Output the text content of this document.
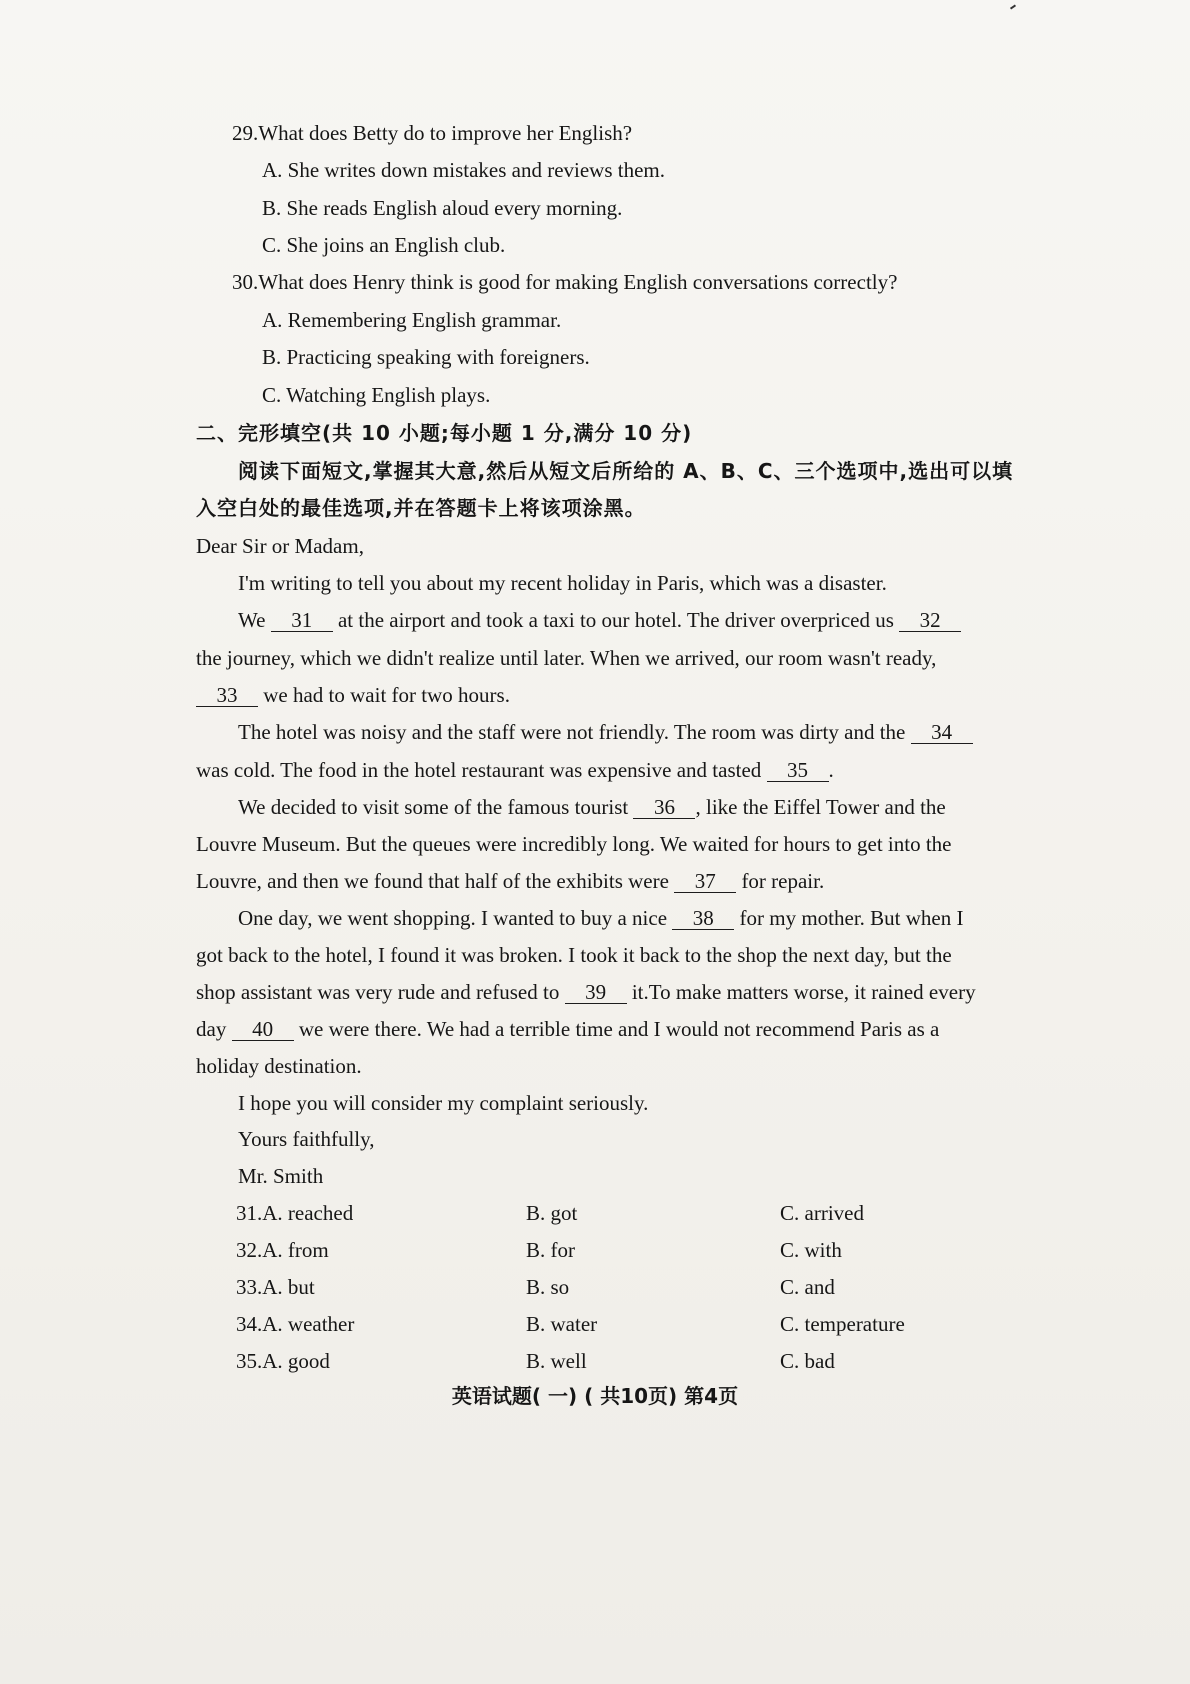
29.What does Betty do to improve her English?
A. She writes down mistakes and reviews them.
B. She reads English aloud every morning.
C. She joins an English club.
30.What does Henry think is good for making English conversations correctly?
A. Remembering English grammar.
B. Practicing speaking with foreigners.
C. Watching English plays.
二、完形填空(共 10 小题;每小题 1 分,满分 10 分)
阅读下面短文,掌握其大意,然后从短文后所给的 A、B、C、三个选项中,选出可以填
入空白处的最佳选项,并在答题卡上将该项涂黑。
Dear Sir or Madam,
I'm writing to tell you about my recent holiday in Paris, which was a disaster.
We 31 at the airport and took a taxi to our hotel. The driver overpriced us 32
the journey, which we didn't realize until later. When we arrived, our room wasn't ready,
33 we had to wait for two hours.
The hotel was noisy and the staff were not friendly. The room was dirty and the 34
was cold. The food in the hotel restaurant was expensive and tasted 35 .
We decided to visit some of the famous tourist 36 , like the Eiffel Tower and the
Louvre Museum. But the queues were incredibly long. We waited for hours to get into the
Louvre, and then we found that half of the exhibits were 37 for repair.
One day, we went shopping. I wanted to buy a nice 38 for my mother. But when I
got back to the hotel, I found it was broken. I took it back to the shop the next day, but the
shop assistant was very rude and refused to 39 it.To make matters worse, it rained every
day 40 we were there. We had a terrible time and I would not recommend Paris as a
holiday destination.
I hope you will consider my complaint seriously.
Yours faithfully,
Mr. Smith
31.A. reached	B. got	C. arrived
32.A. from	B. for	C. with
33.A. but	B. so	C. and
34.A. weather	B. water	C. temperature
35.A. good	B. well	C. bad
英语试题( 一) ( 共10页) 第4页
